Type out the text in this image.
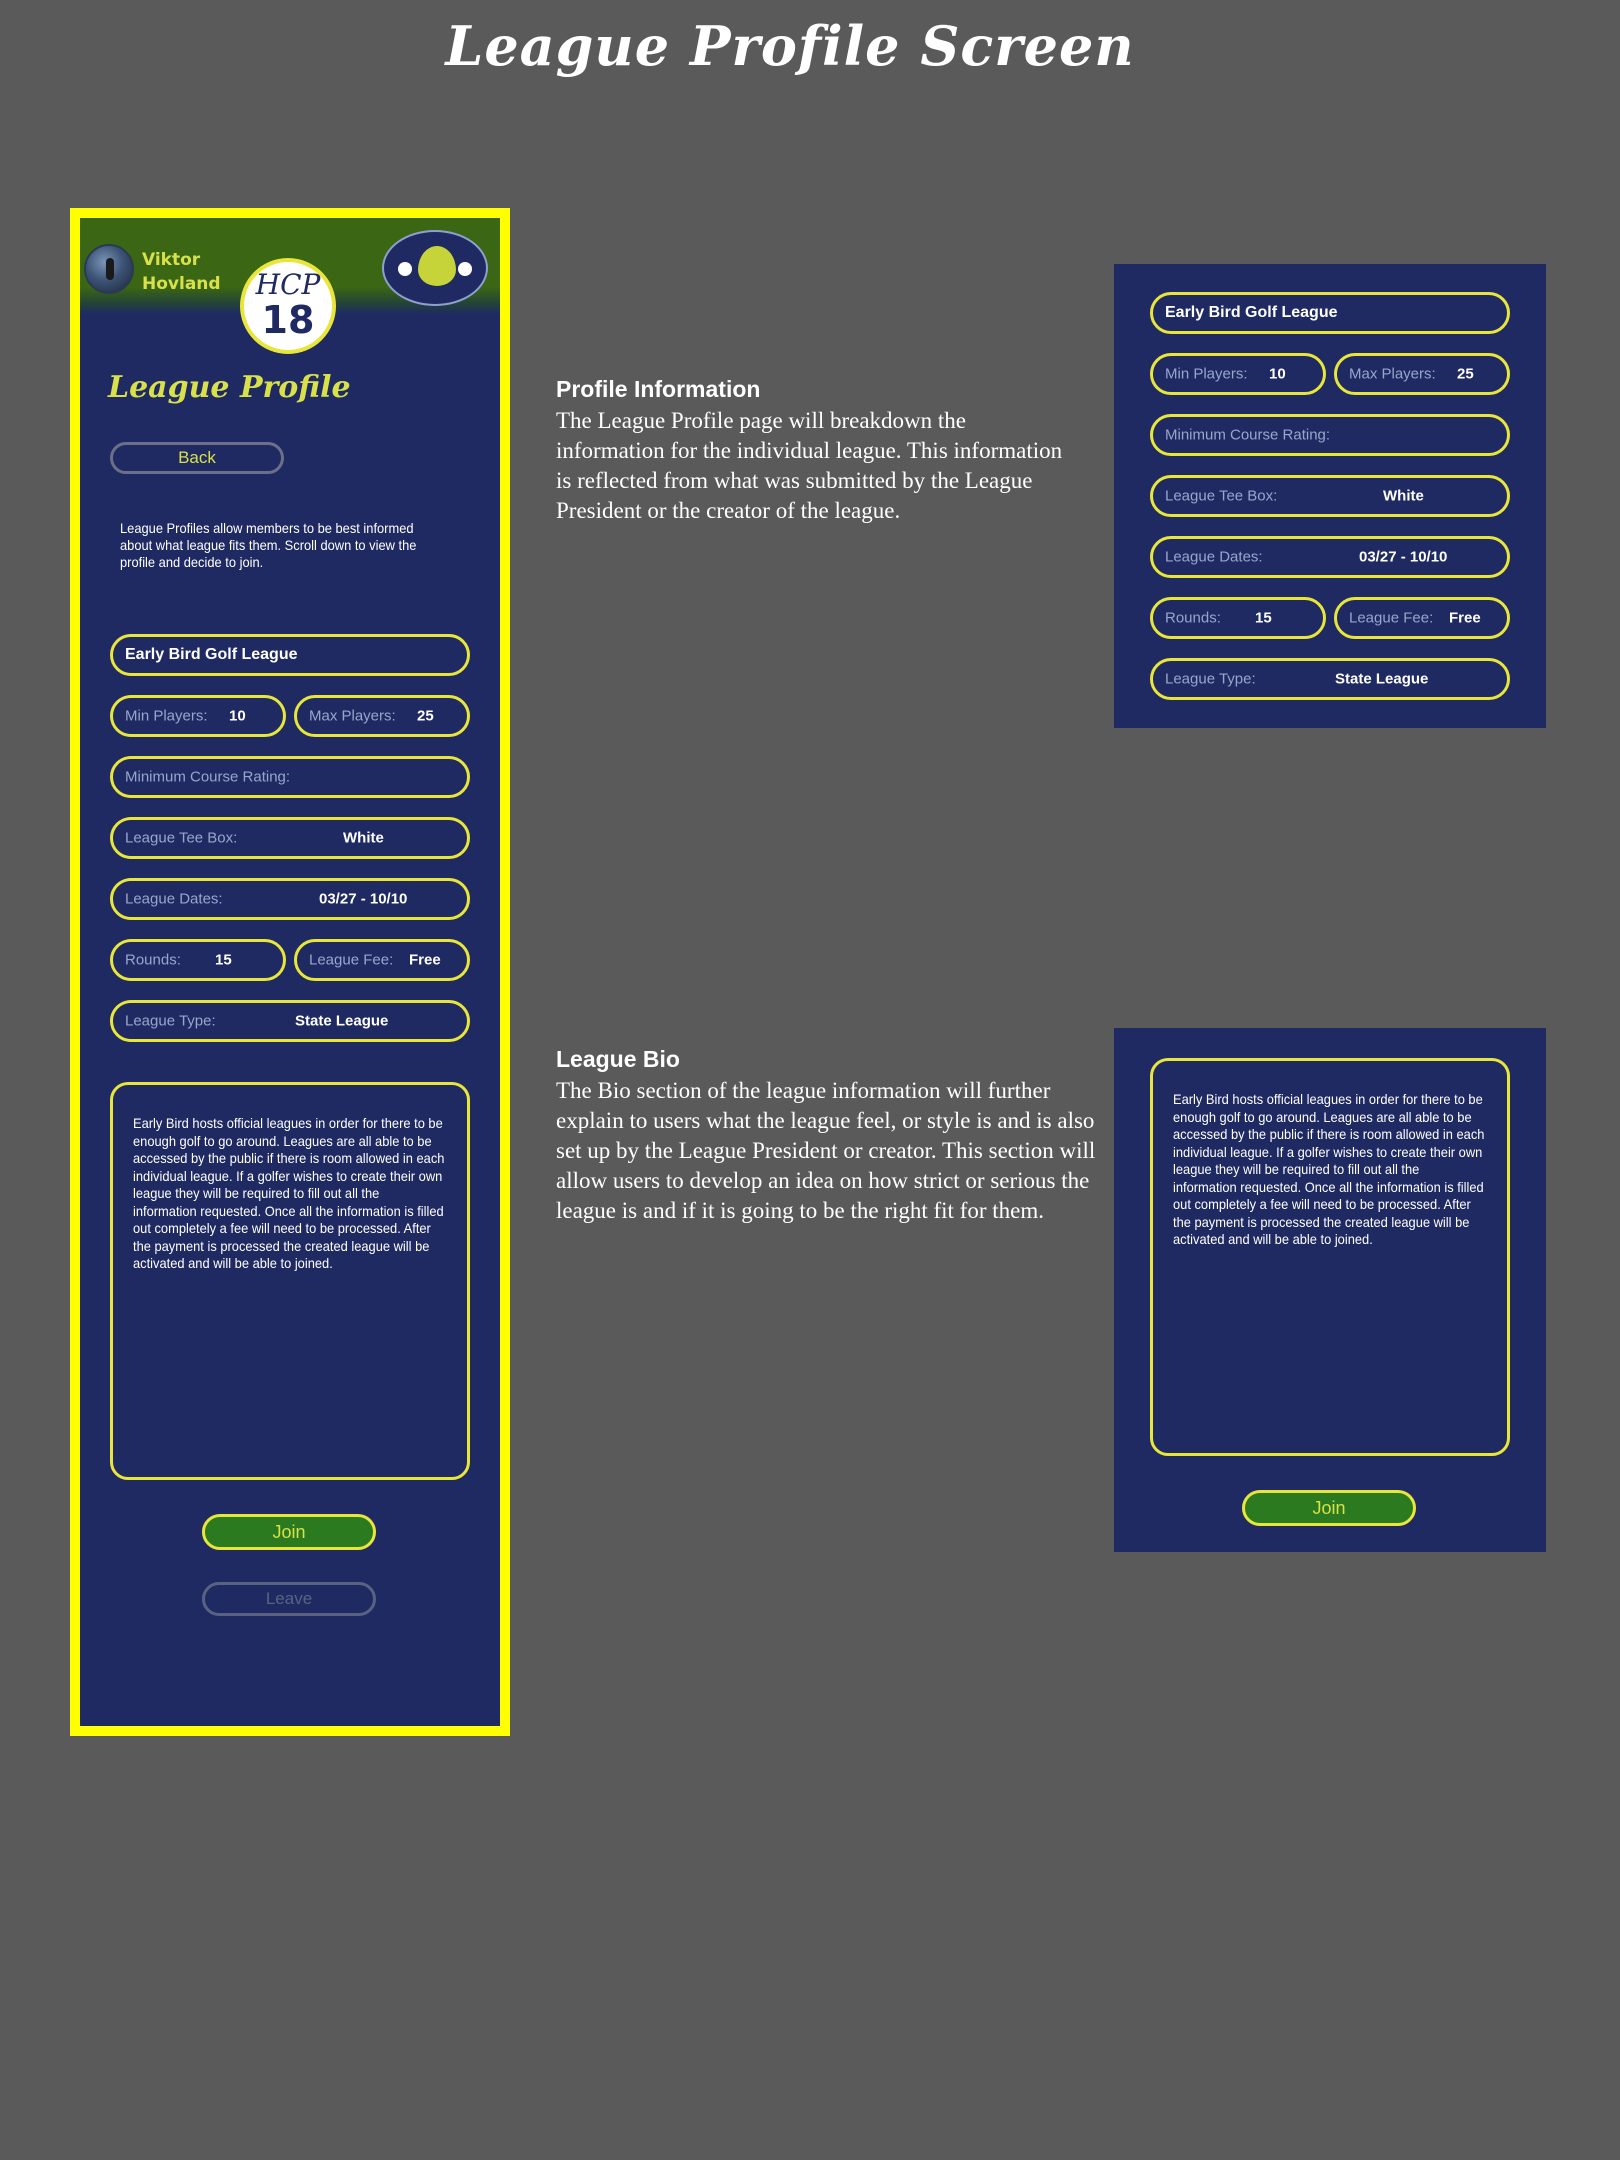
League Profile Screen
Viktor
Hovland	HCP
18
League Profile
Back
League Profiles allow members to be best informed about what league fits them. Scroll down to view the profile and decide to join.
Early Bird Golf League
Min Players: 10	Max Players: 25
Minimum Course Rating:
League Tee Box:	White
League Dates:	03/27 - 10/10
Rounds: 15	League Fee: Free
League Type:	State League
Early Bird hosts official leagues in order for there to be enough golf to go around. Leagues are all able to be accessed by the public if there is room allowed in each individual league. If a golfer wishes to create their own league they will be required to fill out all the information requested. Once all the information is filled out completely a fee will need to be processed. After the payment is processed the created league will be activated and will be able to joined.
Join
Leave
Profile Information
The League Profile page will breakdown the information for the individual league. This information is reflected from what was submitted by the League President or the creator of the league.
League Bio
The Bio section of the league information will further explain to users what the league feel, or style is and is also set up by the League President or creator. This section will allow users to develop an idea on how strict or serious the league is and if it is going to be the right fit for them.
Early Bird Golf League
Min Players: 10	Max Players: 25
Minimum Course Rating:
League Tee Box:	White
League Dates:	03/27 - 10/10
Rounds: 15	League Fee: Free
League Type:	State League
Early Bird hosts official leagues in order for there to be enough golf to go around. Leagues are all able to be accessed by the public if there is room allowed in each individual league. If a golfer wishes to create their own league they will be required to fill out all the information requested. Once all the information is filled out completely a fee will need to be processed. After the payment is processed the created league will be activated and will be able to joined.
Join
